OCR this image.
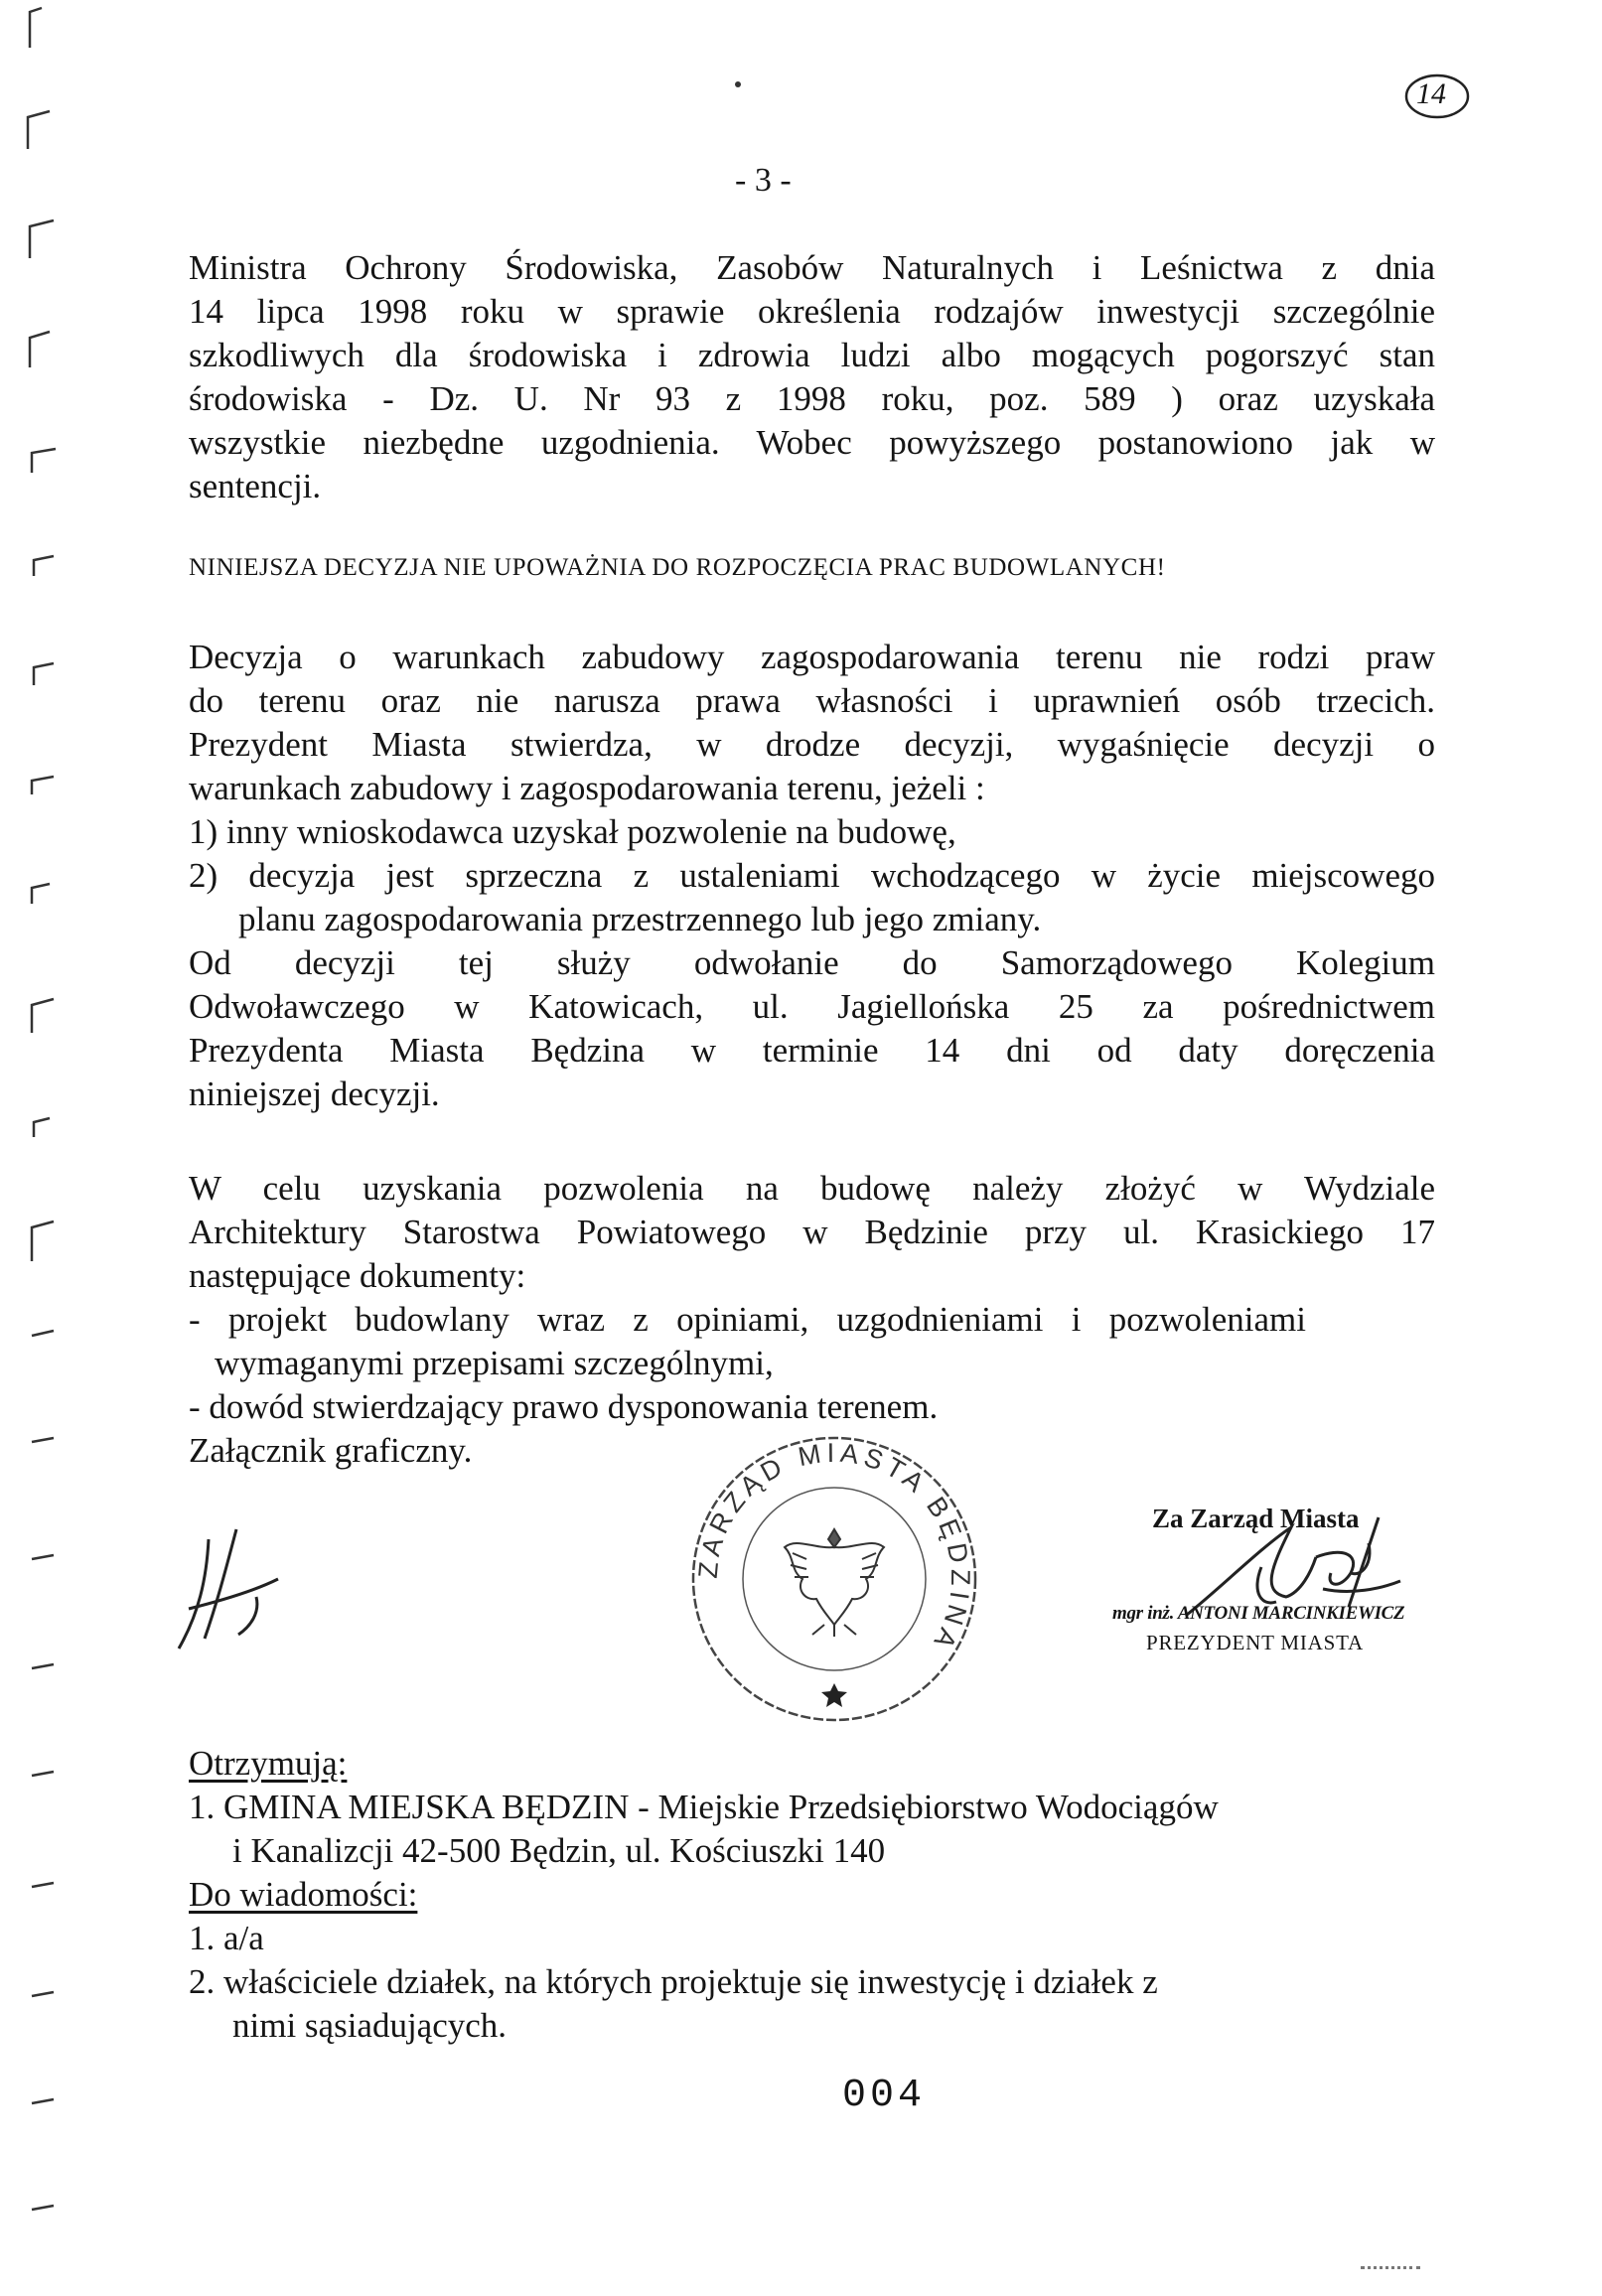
14
- 3 -
Ministra Ochrony Środowiska, Zasobów Naturalnych i Leśnictwa z dnia
14 lipca 1998 roku w sprawie określenia rodzajów inwestycji szczególnie
szkodliwych dla środowiska i zdrowia ludzi albo mogących pogorszyć stan
środowiska - Dz. U. Nr 93 z 1998 roku, poz. 589 ) oraz uzyskała
wszystkie niezbędne uzgodnienia. Wobec powyższego postanowiono jak w
sentencji.
NINIEJSZA DECYZJA NIE UPOWAŻNIA DO ROZPOCZĘCIA PRAC BUDOWLANYCH!
Decyzja o warunkach zabudowy zagospodarowania terenu nie rodzi praw
do terenu oraz nie narusza prawa własności i uprawnień osób trzecich.
Prezydent Miasta stwierdza, w drodze decyzji, wygaśnięcie decyzji o
warunkach zabudowy i zagospodarowania terenu, jeżeli :
1) inny wnioskodawca uzyskał pozwolenie na budowę,
2) decyzja jest sprzeczna z ustaleniami wchodzącego w życie miejscowego
planu zagospodarowania przestrzennego lub jego zmiany.
Od decyzji tej służy odwołanie do Samorządowego Kolegium
Odwoławczego w Katowicach, ul. Jagiellońska 25 za pośrednictwem
Prezydenta Miasta Będzina w terminie 14 dni od daty doręczenia
niniejszej decyzji.
W celu uzyskania pozwolenia na budowę należy złożyć w Wydziale
Architektury Starostwa Powiatowego w Będzinie przy ul. Krasickiego 17
następujące dokumenty:
- projekt budowlany wraz z opiniami, uzgodnieniami i pozwoleniami
wymaganymi przepisami szczególnymi,
- dowód stwierdzający prawo dysponowania terenem.
Załącznik graficzny.
ZARZĄD MIASTA BĘDZINA
Za Zarząd Miasta
mgr inż. ANTONI MARCINKIEWICZ
PREZYDENT MIASTA
Otrzymują:
1. GMINA MIEJSKA BĘDZIN - Miejskie Przedsiębiorstwo Wodociągów
i Kanalizcji 42-500 Będzin, ul. Kościuszki 140
Do wiadomości:
1. a/a
2. właściciele działek, na których projektuje się inwestycję i działek z
nimi sąsiadujących.
004
